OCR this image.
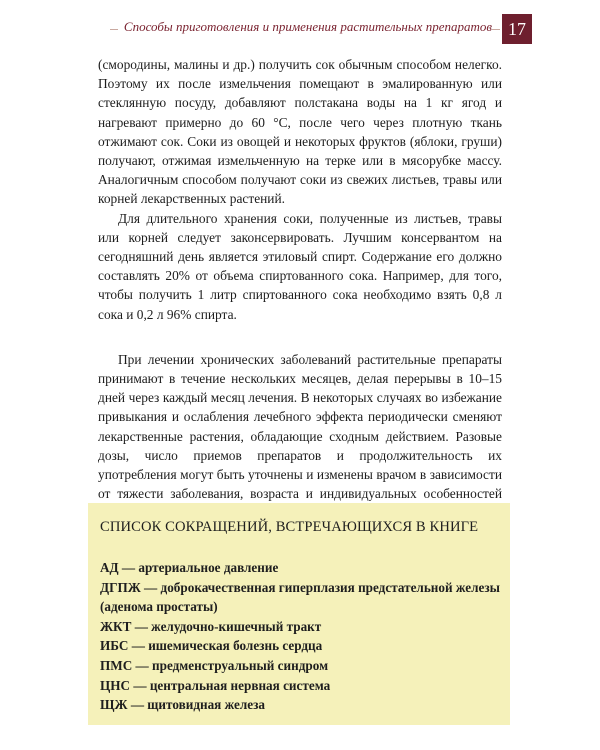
Способы приготовления и применения растительных препаратов 17

(смородины, малины и др.) получить сок обычным способом нелегко. Поэтому их после измельчения помещают в эмалированную или стеклянную посуду, добавляют полстакана воды на 1 кг ягод и нагревают примерно до 60 °С, после чего через плотную ткань отжимают сок. Соки из овощей и некоторых фруктов (яблоки, груши) получают, отжимая измельченную на терке или в мясорубке массу. Аналогичным способом получают соки из свежих листьев, травы или корней лекарственных растений.

Для длительного хранения соки, полученные из листьев, травы или корней следует законсервировать. Лучшим консервантом на сегодняшний день является этиловый спирт. Содержание его должно составлять 20% от объема спиртованного сока. Например, для того, чтобы получить 1 литр спиртованного сока необходимо взять 0,8 л сока и 0,2 л 96% спирта.

При лечении хронических заболеваний растительные препараты принимают в течение нескольких месяцев, делая перерывы в 10–15 дней через каждый месяц лечения. В некоторых случаях во избежание привыкания и ослабления лечебного эффекта периодически сменяют лекарственные растения, обладающие сходным действием. Разовые дозы, число приемов препаратов и продолжительность их употребления могут быть уточнены и изменены врачом в зависимости от тяжести заболевания, возраста и индивидуальных особенностей

СПИСОК СОКРАЩЕНИЙ, ВСТРЕЧАЮЩИХСЯ В КНИГЕ
АД — артериальное давление
ДГПЖ — доброкачественная гиперплазия предстательной железы (аденома простаты)
ЖКТ — желудочно-кишечный тракт
ИБС — ишемическая болезнь сердца
ПМС — предменструальный синдром
ЦНС — центральная нервная система
ЩЖ — щитовидная железа
